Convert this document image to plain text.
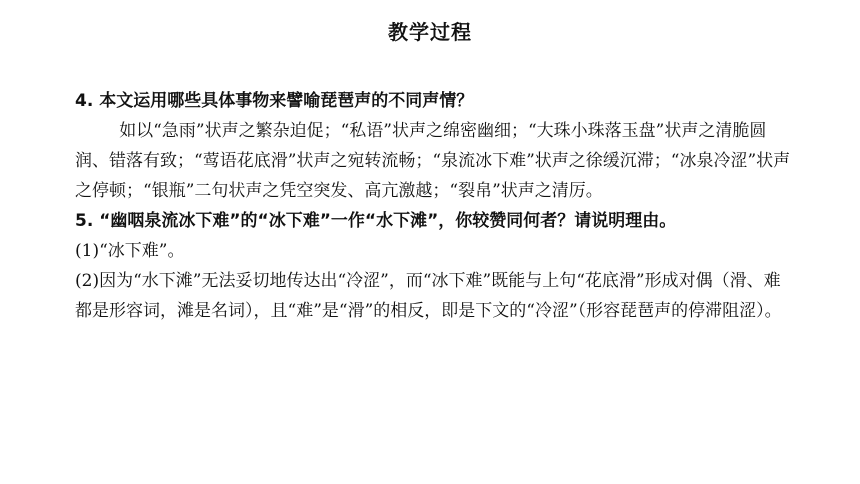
教学过程

4. 本文运用哪些具体事物来譬喻琵琶声的不同声情？

如以“急雨”状声之繁杂迫促；“私语”状声之绵密幽细；“大珠小珠落玉盘”状声之清脆圆润、错落有致；“莺语花底滑”状声之宛转流畅；“泉流冰下难”状声之徐缓沉滞；“冰泉冷涩”状声之停顿；“银瓶”二句状声之凭空突发、高亢激越；“裂帛”状声之清厉。

5. “幽咽泉流冰下难”的“冰下难”一作“水下滩”，你较赞同何者？请说明理由。

(1)“冰下难”。

(2)因为“水下滩”无法妥切地传达出“冷涩”，而“冰下难”既能与上句“花底滑”形成对偶（滑、难都是形容词，滩是名词），且“难”是“滑”的相反，即是下文的“冷涩”（形容琵琶声的停滞阻涩）。
